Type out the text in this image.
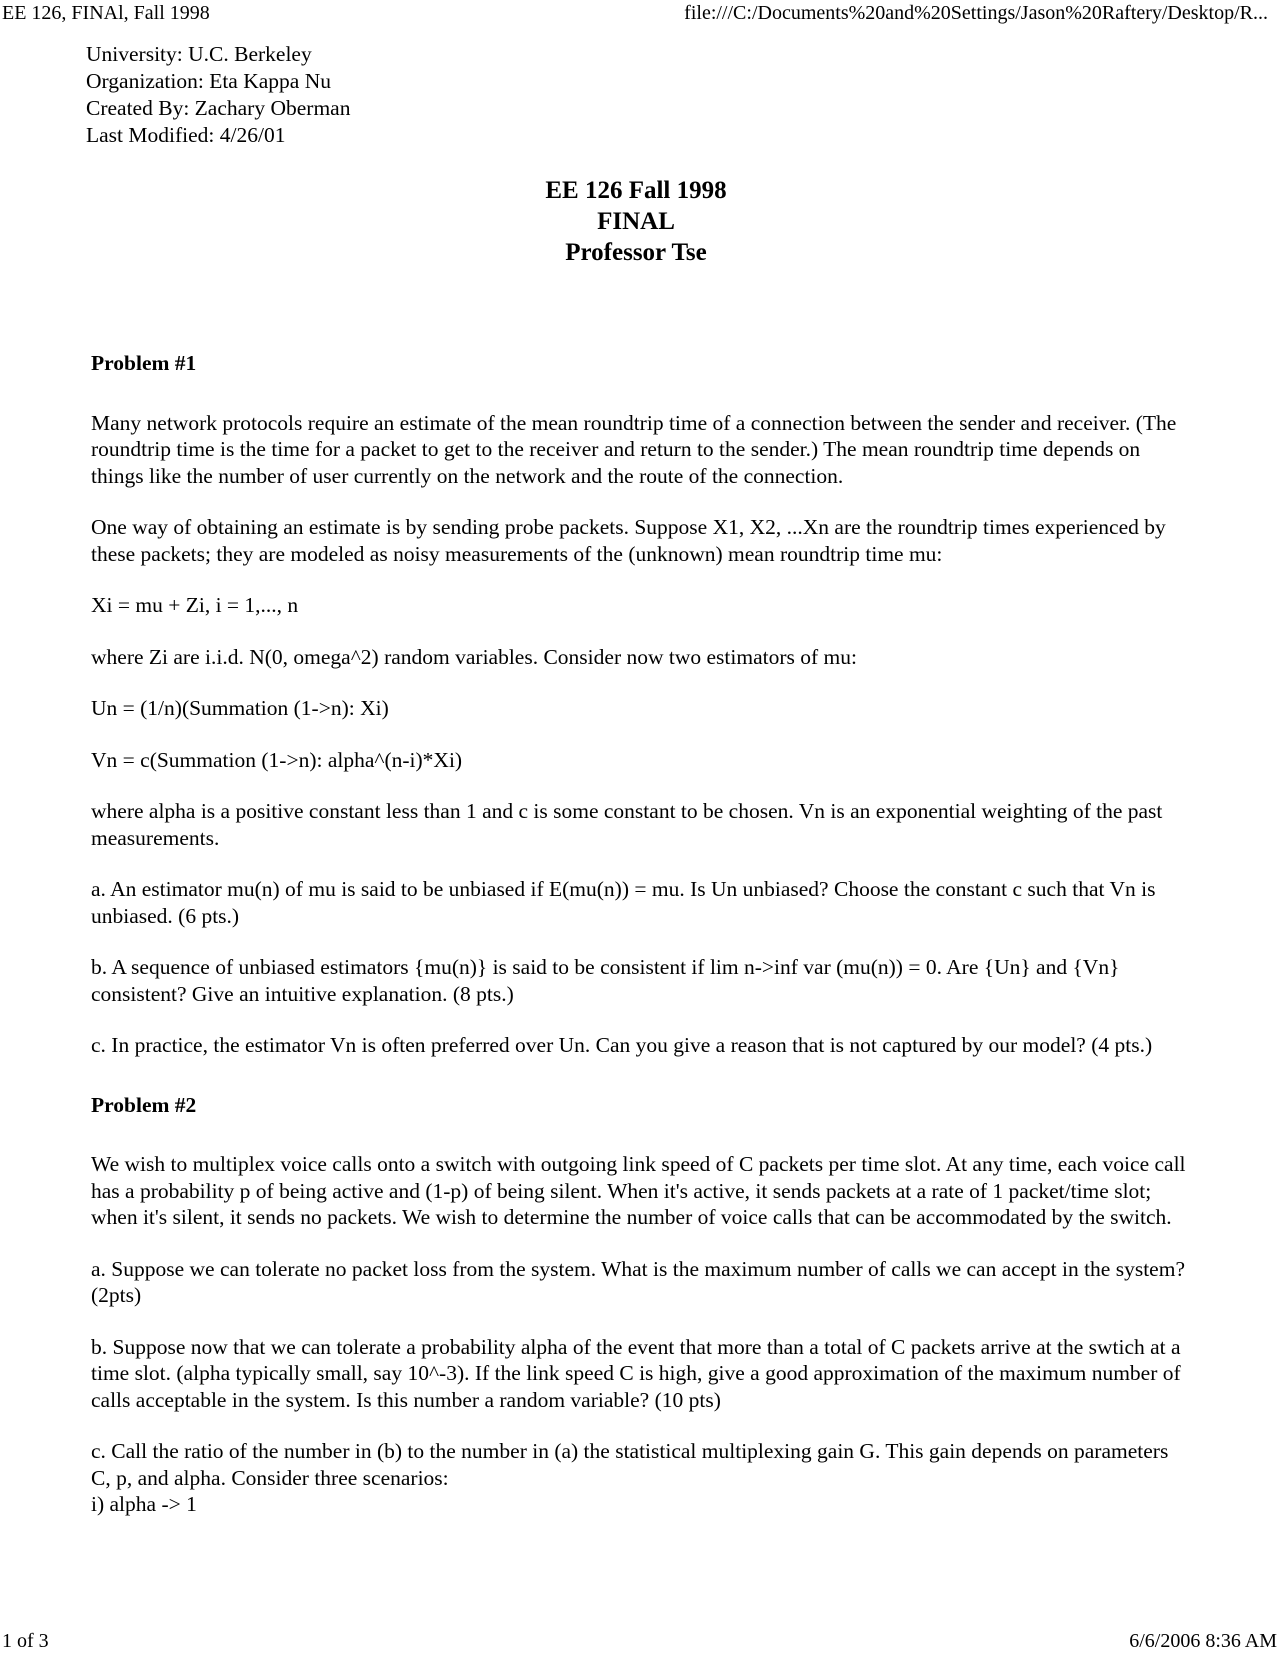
EE 126, FINAl, Fall 1998	file:///C:/Documents%20and%20Settings/Jason%20Raftery/Desktop/R...
University: U.C. Berkeley
Organization: Eta Kappa Nu
Created By: Zachary Oberman
Last Modified: 4/26/01
EE 126 Fall 1998
FINAL
Professor Tse

Problem #1

Many network protocols require an estimate of the mean roundtrip time of a connection between the sender and receiver. (The roundtrip time is the time for a packet to get to the receiver and return to the sender.) The mean roundtrip time depends on things like the number of user currently on the network and the route of the connection.

One way of obtaining an estimate is by sending probe packets. Suppose X1, X2, ...Xn are the roundtrip times experienced by these packets; they are modeled as noisy measurements of the (unknown) mean roundtrip time mu:

Xi = mu + Zi, i = 1,..., n

where Zi are i.i.d. N(0, omega^2) random variables. Consider now two estimators of mu:

Un = (1/n)(Summation (1->n): Xi)

Vn = c(Summation (1->n): alpha^(n-i)*Xi)

where alpha is a positive constant less than 1 and c is some constant to be chosen. Vn is an exponential weighting of the past measurements.

a. An estimator mu(n) of mu is said to be unbiased if E(mu(n)) = mu. Is Un unbiased? Choose the constant c such that Vn is unbiased. (6 pts.)

b. A sequence of unbiased estimators {mu(n)} is said to be consistent if lim n->inf var (mu(n)) = 0. Are {Un} and {Vn} consistent? Give an intuitive explanation. (8 pts.)

c. In practice, the estimator Vn is often preferred over Un. Can you give a reason that is not captured by our model? (4 pts.)

Problem #2

We wish to multiplex voice calls onto a switch with outgoing link speed of C packets per time slot. At any time, each voice call has a probability p of being active and (1-p) of being silent. When it's active, it sends packets at a rate of 1 packet/time slot; when it's silent, it sends no packets. We wish to determine the number of voice calls that can be accommodated by the switch.

a. Suppose we can tolerate no packet loss from the system. What is the maximum number of calls we can accept in the system? (2pts)

b. Suppose now that we can tolerate a probability alpha of the event that more than a total of C packets arrive at the swtich at a time slot. (alpha typically small, say 10^-3). If the link speed C is high, give a good approximation of the maximum number of calls acceptable in the system. Is this number a random variable? (10 pts)

c. Call the ratio of the number in (b) to the number in (a) the statistical multiplexing gain G. This gain depends on parameters C, p, and alpha. Consider three scenarios:

i) alpha -> 1

1 of 3	6/6/2006 8:36 AM
